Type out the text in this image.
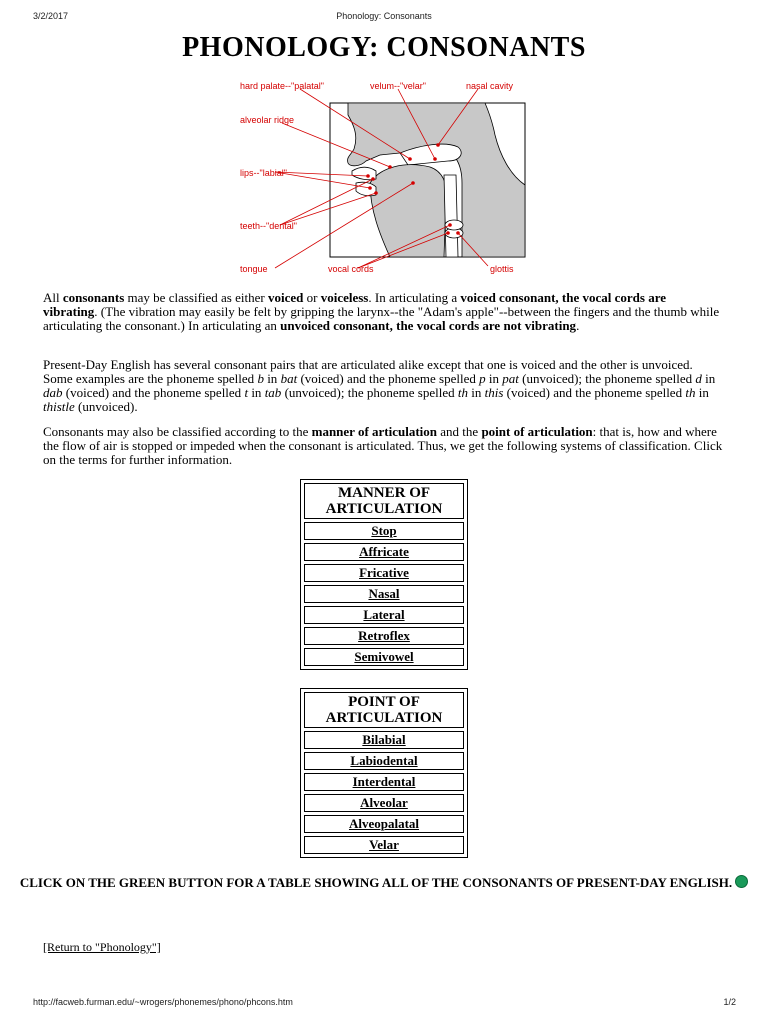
3/2/2017	Phonology: Consonants
PHONOLOGY: CONSONANTS
hard palate--"palatal"	velum--"velar"	nasal cavity
alveolar ridge
lips--"labial"
teeth--"dental"
tongue	vocal cords	glottis

All consonants may be classified as either voiced or voiceless. In articulating a voiced consonant, the vocal cords are vibrating. (The vibration may easily be felt by gripping the larynx--the "Adam's apple"--between the fingers and the thumb while articulating the consonant.) In articulating an unvoiced consonant, the vocal cords are not vibrating.

Present-Day English has several consonant pairs that are articulated alike except that one is voiced and the other is unvoiced. Some examples are the phoneme spelled b in bat (voiced) and the phoneme spelled p in pat (unvoiced); the phoneme spelled d in dab (voiced) and the phoneme spelled t in tab (unvoiced); the phoneme spelled th in this (voiced) and the phoneme spelled th in thistle (unvoiced).

Consonants may also be classified according to the manner of articulation and the point of articulation: that is, how and where the flow of air is stopped or impeded when the consonant is articulated. Thus, we get the following systems of classification. Click on the terms for further information.

MANNER OF ARTICULATION
Stop
Affricate
Fricative
Nasal
Lateral
Retroflex
Semivowel
POINT OF ARTICULATION
Bilabial
Labiodental
Interdental
Alveolar
Alveopalatal
Velar
CLICK ON THE GREEN BUTTON FOR A TABLE SHOWING ALL OF THE CONSONANTS OF PRESENT-DAY ENGLISH.
[Return to "Phonology"]
http://facweb.furman.edu/~wrogers/phonemes/phono/phcons.htm	1/2
